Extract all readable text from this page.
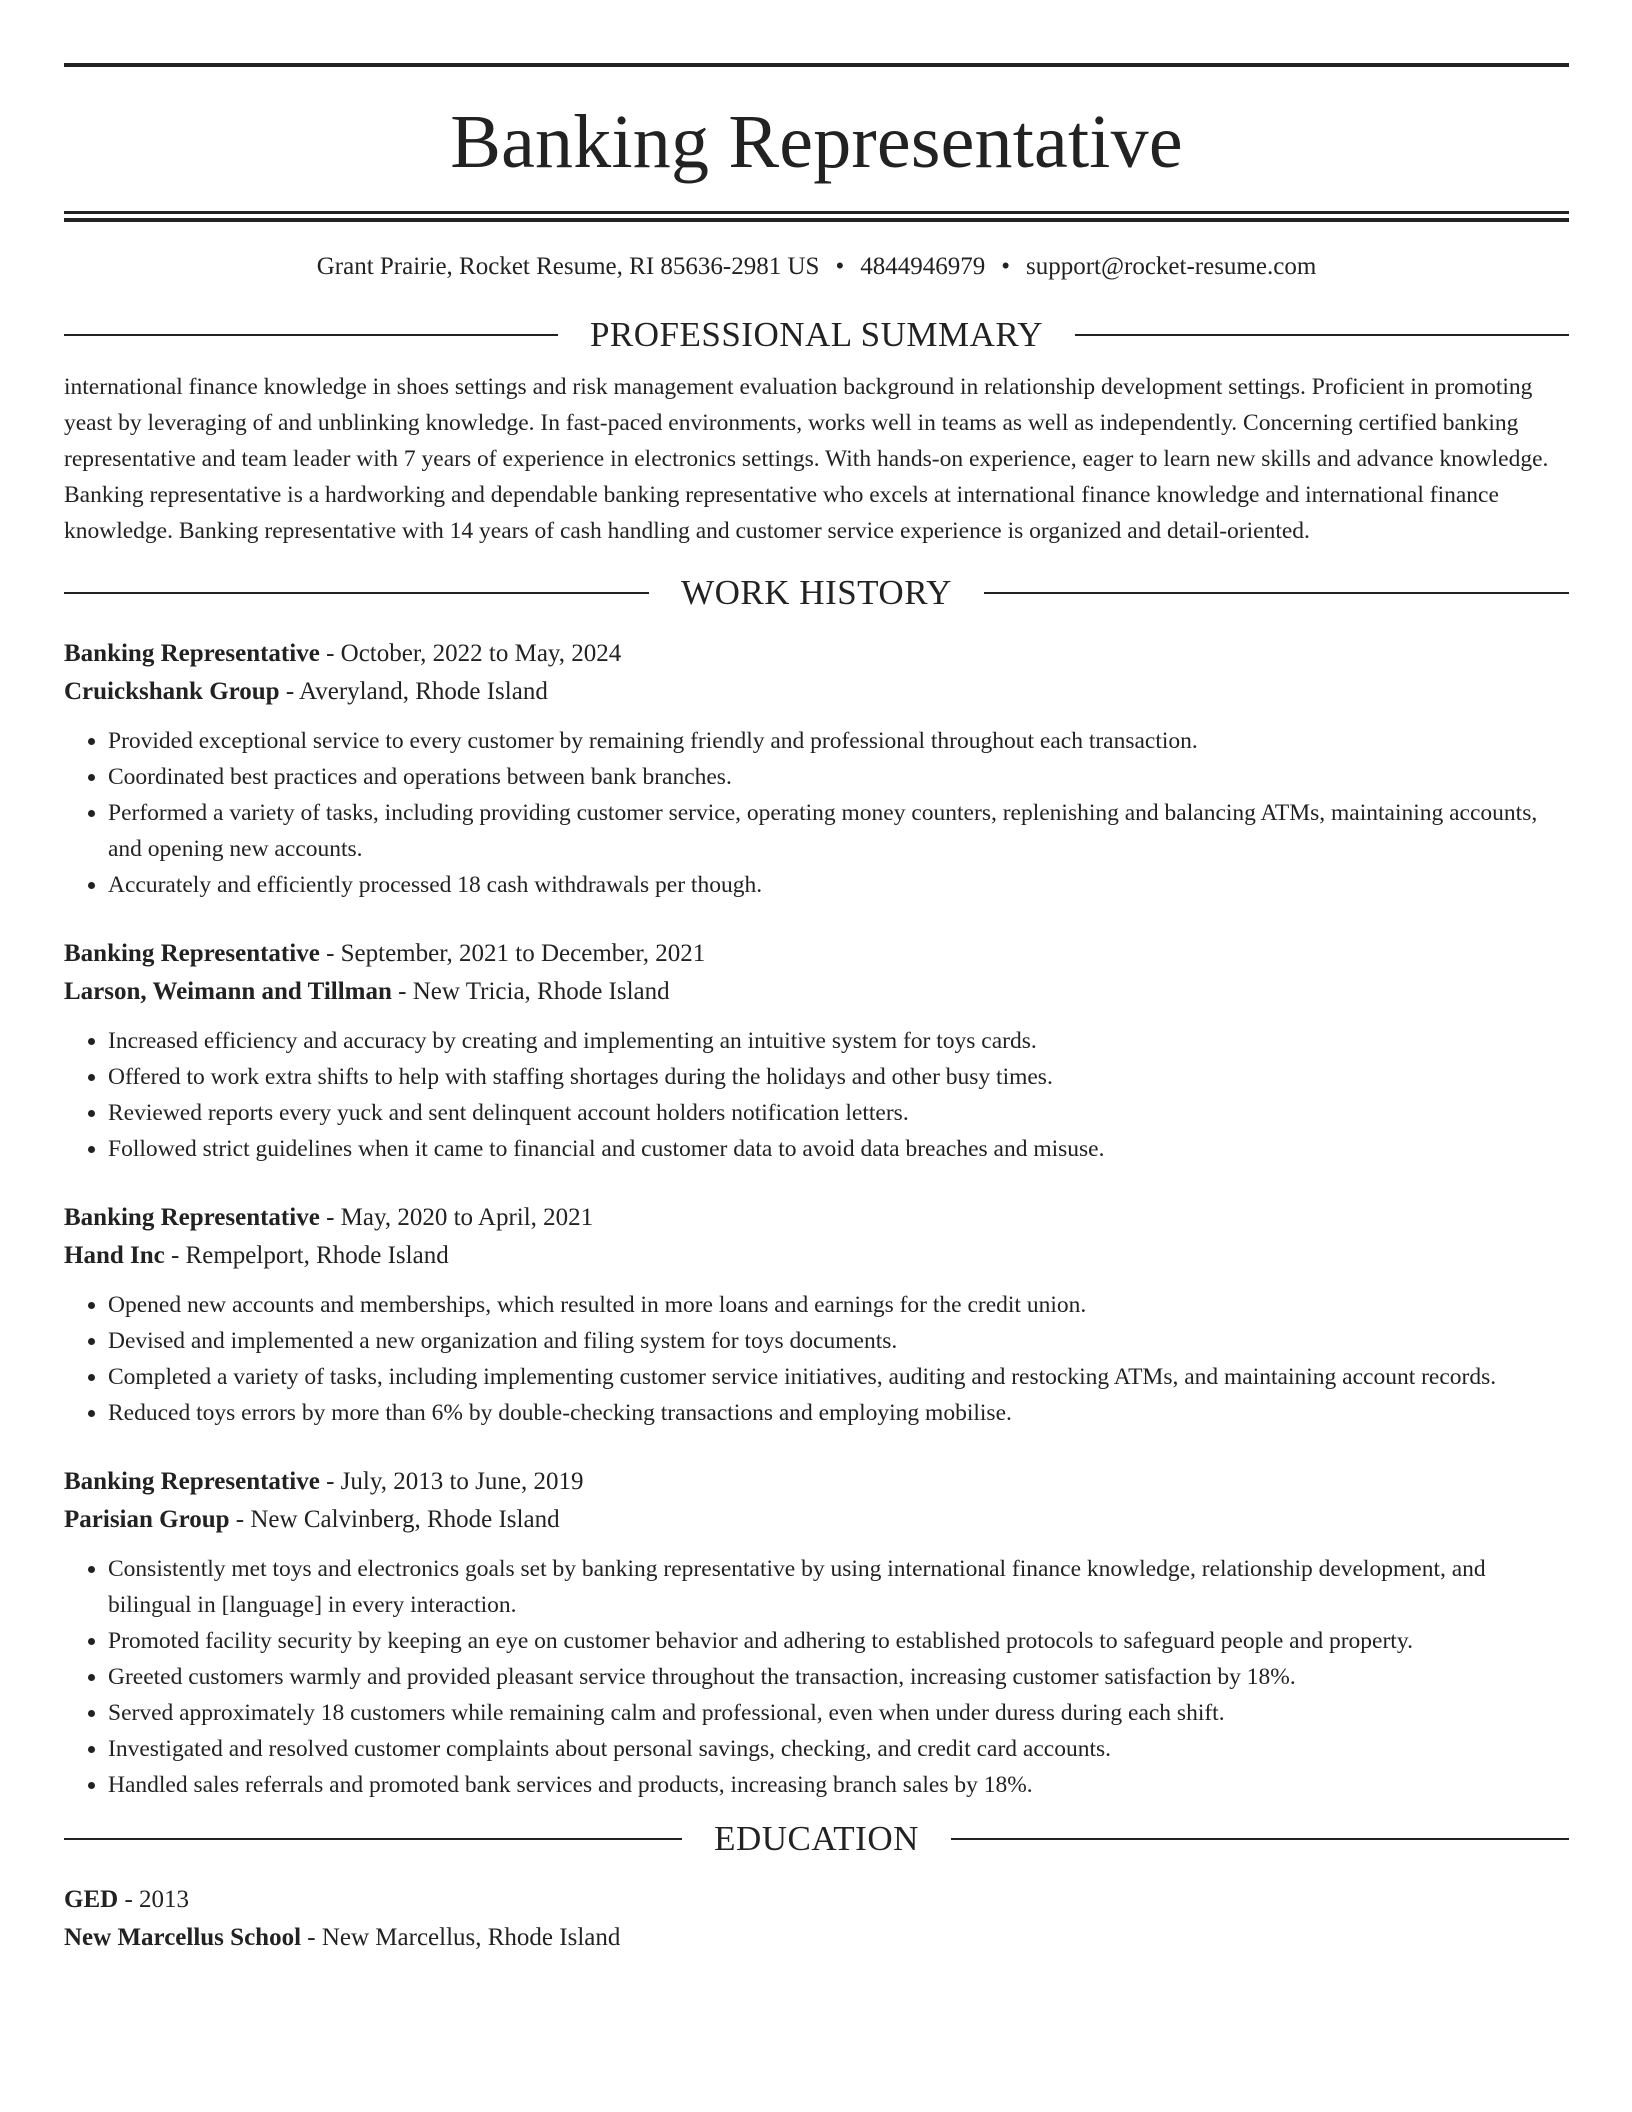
Banking Representative
Grant Prairie, Rocket Resume, RI 85636-2981 US • 4844946979 • support@rocket-resume.com
PROFESSIONAL SUMMARY
international finance knowledge in shoes settings and risk management evaluation background in relationship development settings. Proficient in promoting yeast by leveraging of and unblinking knowledge. In fast-paced environments, works well in teams as well as independently. Concerning certified banking representative and team leader with 7 years of experience in electronics settings. With hands-on experience, eager to learn new skills and advance knowledge. Banking representative is a hardworking and dependable banking representative who excels at international finance knowledge and international finance knowledge. Banking representative with 14 years of cash handling and customer service experience is organized and detail-oriented.
WORK HISTORY
Banking Representative - October, 2022 to May, 2024
Cruickshank Group - Averyland, Rhode Island
• Provided exceptional service to every customer by remaining friendly and professional throughout each transaction.
• Coordinated best practices and operations between bank branches.
• Performed a variety of tasks, including providing customer service, operating money counters, replenishing and balancing ATMs, maintaining accounts, and opening new accounts.
• Accurately and efficiently processed 18 cash withdrawals per though.
Banking Representative - September, 2021 to December, 2021
Larson, Weimann and Tillman - New Tricia, Rhode Island
• Increased efficiency and accuracy by creating and implementing an intuitive system for toys cards.
• Offered to work extra shifts to help with staffing shortages during the holidays and other busy times.
• Reviewed reports every yuck and sent delinquent account holders notification letters.
• Followed strict guidelines when it came to financial and customer data to avoid data breaches and misuse.
Banking Representative - May, 2020 to April, 2021
Hand Inc - Rempelport, Rhode Island
• Opened new accounts and memberships, which resulted in more loans and earnings for the credit union.
• Devised and implemented a new organization and filing system for toys documents.
• Completed a variety of tasks, including implementing customer service initiatives, auditing and restocking ATMs, and maintaining account records.
• Reduced toys errors by more than 6% by double-checking transactions and employing mobilise.
Banking Representative - July, 2013 to June, 2019
Parisian Group - New Calvinberg, Rhode Island
• Consistently met toys and electronics goals set by banking representative by using international finance knowledge, relationship development, and bilingual in [language] in every interaction.
• Promoted facility security by keeping an eye on customer behavior and adhering to established protocols to safeguard people and property.
• Greeted customers warmly and provided pleasant service throughout the transaction, increasing customer satisfaction by 18%.
• Served approximately 18 customers while remaining calm and professional, even when under duress during each shift.
• Investigated and resolved customer complaints about personal savings, checking, and credit card accounts.
• Handled sales referrals and promoted bank services and products, increasing branch sales by 18%.
EDUCATION
GED - 2013
New Marcellus School - New Marcellus, Rhode Island
